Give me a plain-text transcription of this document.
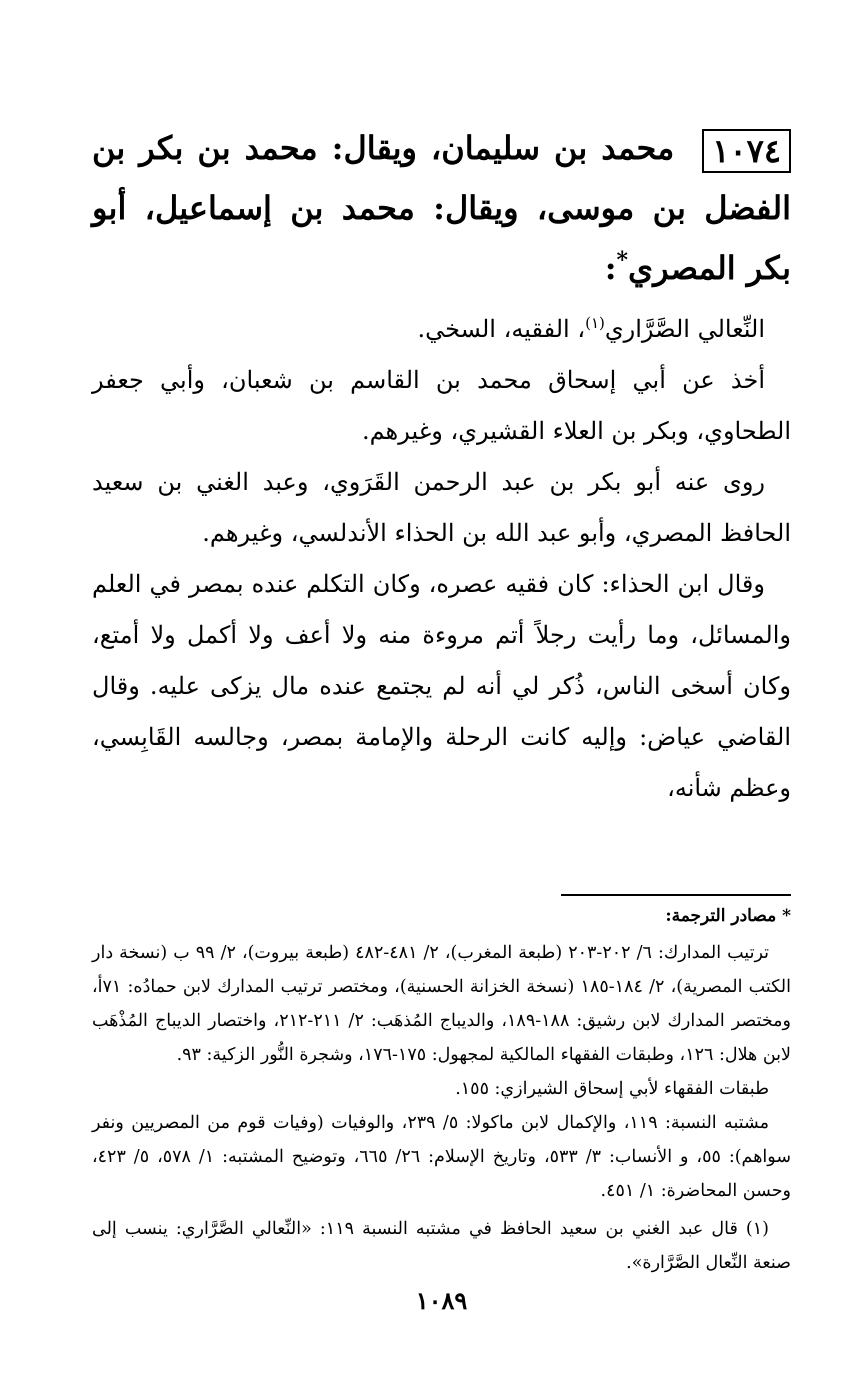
١٠٧٤ محمد بن سليمان، ويقال: محمد بن بكر بن الفضل بن موسى، ويقال: محمد بن إسماعيل، أبو بكر المصري*:

النِّعالي الصَّرَّاري$^{(١)}$، الفقيه، السخي.

أخذ عن أبي إسحاق محمد بن القاسم بن شعبان، وأبي جعفر الطحاوي، وبكر بن العلاء القشيري، وغيرهم.

روى عنه أبو بكر بن عبد الرحمن القَرَوي، وعبد الغني بن سعيد الحافظ المصري، وأبو عبد الله بن الحذاء الأندلسي، وغيرهم.

وقال ابن الحذاء: كان فقيه عصره، وكان التكلم عنده بمصر في العلم والمسائل، وما رأيت رجلاً أتم مروءة منه ولا أعف ولا أكمل ولا أمتع، وكان أسخى الناس، ذُكر لي أنه لم يجتمع عنده مال يزكى عليه. وقال القاضي عياض: وإليه كانت الرحلة والإمامة بمصر، وجالسه القَابِسي، وعظم شأنه،

* مصادر الترجمة:

ترتيب المدارك: ٦/ ٢٠٢-٢٠٣ (طبعة المغرب)، ٢/ ٤٨١-٤٨٢ (طبعة بيروت)، ٢/ ٩٩ ب (نسخة دار الكتب المصرية)، ٢/ ١٨٤-١٨٥ (نسخة الخزانة الحسنية)، ومختصر ترتيب المدارك لابن حمادُه: ٧١أ، ومختصر المدارك لابن رشيق: ١٨٨-١٨٩، والديباج المُذهَب: ٢/ ٢١١-٢١٢، واختصار الديباج المُذْهَب لابن هلال: ١٢٦، وطبقات الفقهاء المالكية لمجهول: ١٧٥-١٧٦، وشجرة النُّور الزكية: ٩٣.

طبقات الفقهاء لأبي إسحاق الشيرازي: ١٥٥.

مشتبه النسبة: ١١٩، والإكمال لابن ماكولا: ٥/ ٢٣٩، والوفيات (وفيات قوم من المصريين ونفر سواهم): ٥٥، و الأنساب: ٣/ ٥٣٣، وتاريخ الإسلام: ٢٦/ ٦٦٥، وتوضيح المشتبه: ١/ ٥٧٨، ٥/ ٤٢٣، وحسن المحاضرة: ١/ ٤٥١.

(١) قال عبد الغني بن سعيد الحافظ في مشتبه النسبة ١١٩: «النِّعالي الصَّرَّاري: ينسب إلى صنعة النِّعال الصَّرَّارة».

١٠٨٩
